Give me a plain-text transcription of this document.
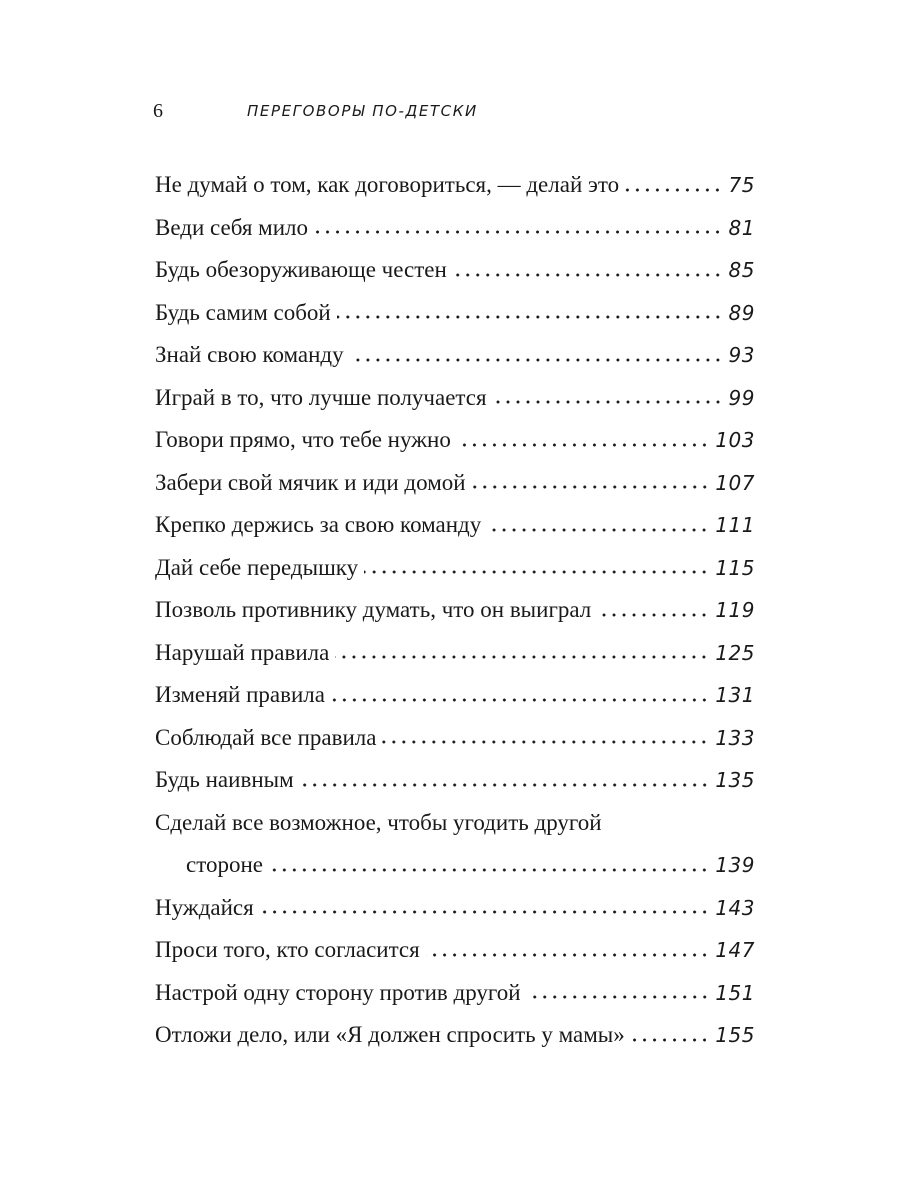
6	ПЕРЕГОВОРЫ ПО-ДЕТСКИ
Не думай о том, как договориться, — делай это	75
Веди себя мило	81
Будь обезоруживающе честен	85
Будь самим собой	89
Знай свою команду	93
Играй в то, что лучше получается	99
Говори прямо, что тебе нужно	103
Забери свой мячик и иди домой	107
Крепко держись за свою команду	111
Дай себе передышку	115
Позволь противнику думать, что он выиграл	119
Нарушай правила	125
Изменяй правила	131
Соблюдай все правила	133
Будь наивным	135
Сделай все возможное, чтобы угодить другой
стороне	139
Нуждайся	143
Проси того, кто согласится	147
Настрой одну сторону против другой	151
Отложи дело, или «Я должен спросить у мамы»	155
